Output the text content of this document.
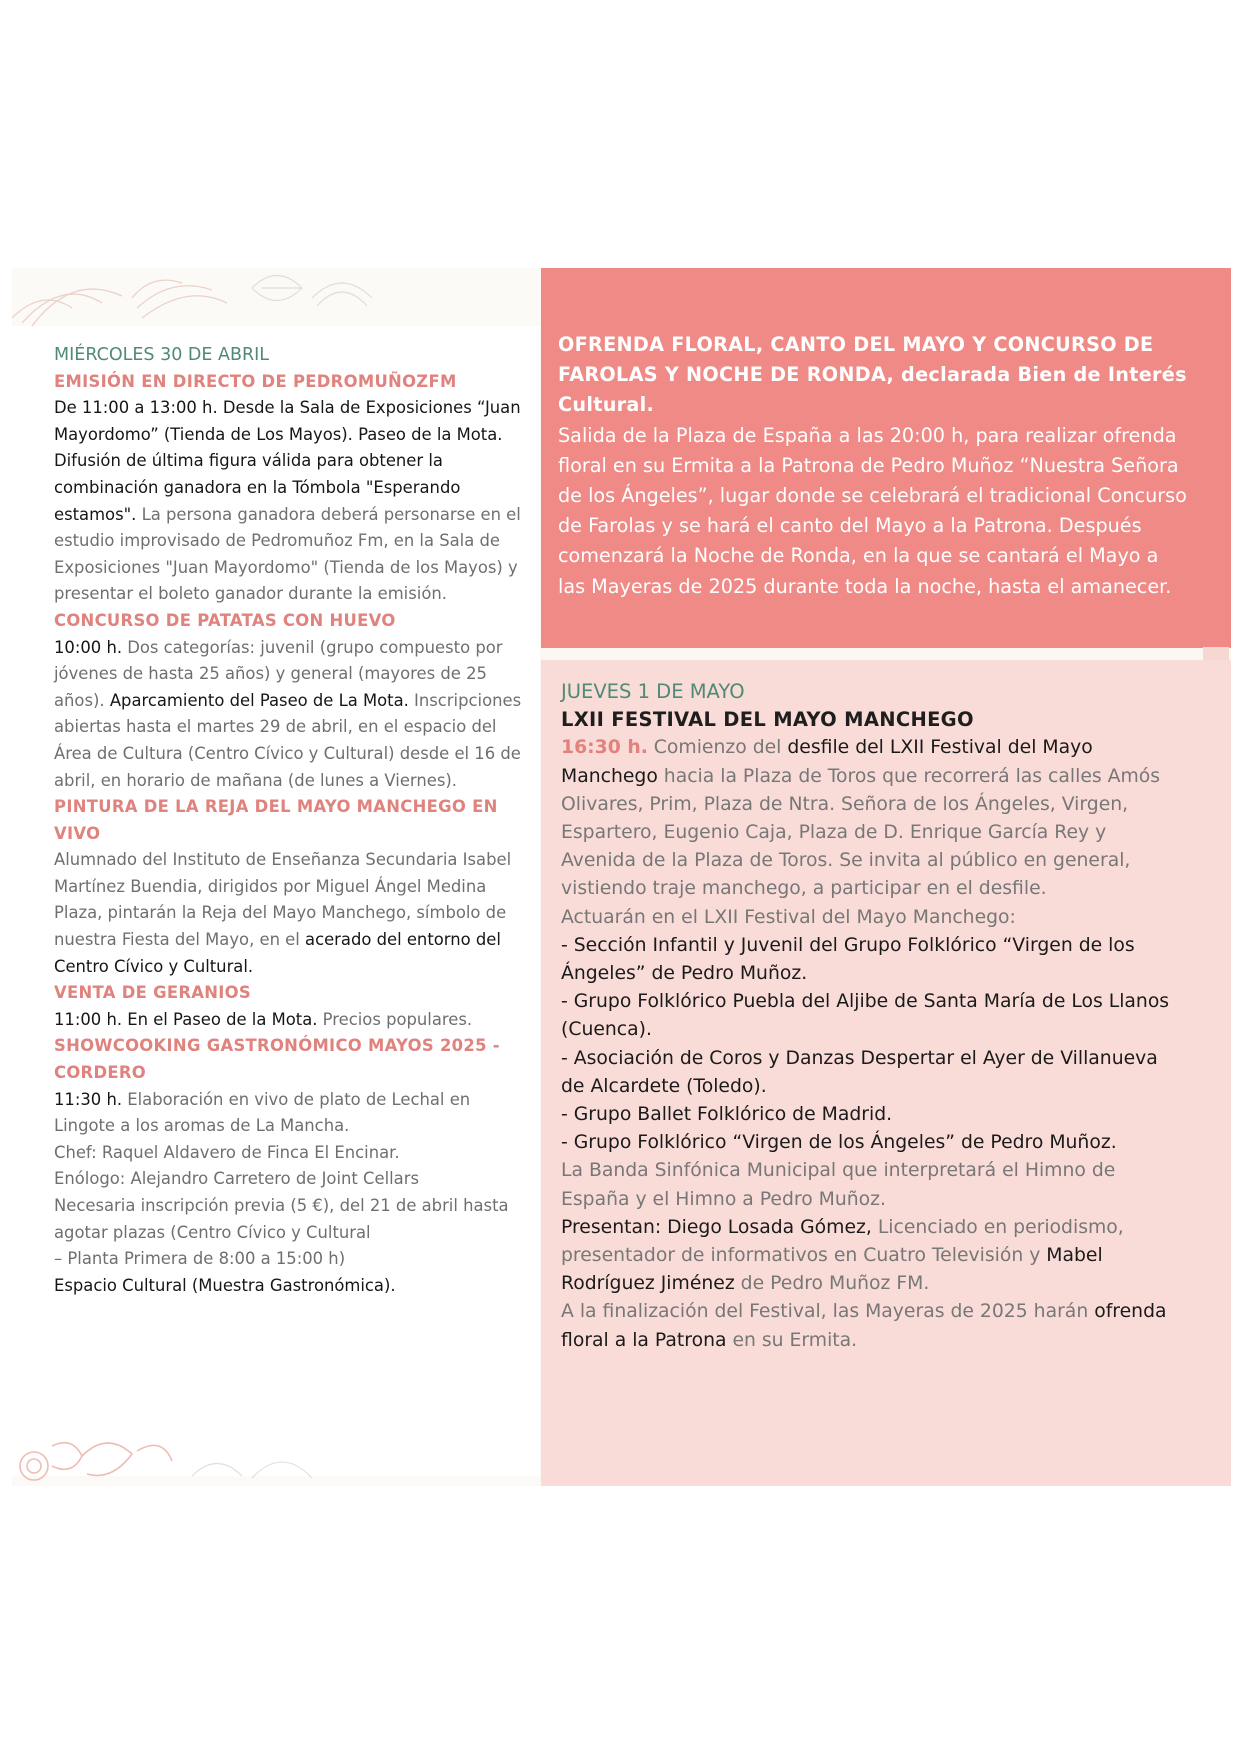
MIÉRCOLES 30 DE ABRIL

EMISIÓN EN DIRECTO DE PEDROMUÑOZFM

De 11:00 a 13:00 h. Desde la Sala de Exposiciones “Juan Mayordomo” (Tienda de Los Mayos). Paseo de la Mota.

Difusión de última figura válida para obtener la combinación ganadora en la Tómbola "Esperando estamos". La persona ganadora deberá personarse en el estudio improvisado de Pedromuñoz Fm, en la Sala de Exposiciones "Juan Mayordomo" (Tienda de los Mayos) y presentar el boleto ganador durante la emisión.

CONCURSO DE PATATAS CON HUEVO

10:00 h. Dos categorías: juvenil (grupo compuesto por jóvenes de hasta 25 años) y general (mayores de 25 años). Aparcamiento del Paseo de La Mota. Inscripciones abiertas hasta el martes 29 de abril, en el espacio del Área de Cultura (Centro Cívico y Cultural) desde el 16 de abril, en horario de mañana (de lunes a Viernes).

PINTURA DE LA REJA DEL MAYO MANCHEGO EN VIVO

Alumnado del Instituto de Enseñanza Secundaria Isabel Martínez Buendia, dirigidos por Miguel Ángel Medina Plaza, pintarán la Reja del Mayo Manchego, símbolo de nuestra Fiesta del Mayo, en el acerado del entorno del Centro Cívico y Cultural.

VENTA DE GERANIOS

11:00 h. En el Paseo de la Mota. Precios populares.

SHOWCOOKING GASTRONÓMICO MAYOS 2025 - CORDERO

11:30 h. Elaboración en vivo de plato de Lechal en Lingote a los aromas de La Mancha.

Chef: Raquel Aldavero de Finca El Encinar.

Enólogo: Alejandro Carretero de Joint Cellars

Necesaria inscripción previa (5 €), del 21 de abril hasta agotar plazas (Centro Cívico y Cultural

– Planta Primera de 8:00 a 15:00 h)

Espacio Cultural (Muestra Gastronómica).

OFRENDA FLORAL, CANTO DEL MAYO Y CONCURSO DE FAROLAS Y NOCHE DE RONDA, declarada Bien de Interés Cultural.

Salida de la Plaza de España a las 20:00 h, para realizar ofrenda floral en su Ermita a la Patrona de Pedro Muñoz “Nuestra Señora de los Ángeles”, lugar donde se celebrará el tradicional Concurso de Farolas y se hará el canto del Mayo a la Patrona. Después comenzará la Noche de Ronda, en la que se cantará el Mayo a las Mayeras de 2025 durante toda la noche, hasta el amanecer.

JUEVES 1 DE MAYO

LXII FESTIVAL DEL MAYO MANCHEGO

16:30 h. Comienzo del desfile del LXII Festival del Mayo Manchego hacia la Plaza de Toros que recorrerá las calles Amós Olivares, Prim, Plaza de Ntra. Señora de los Ángeles, Virgen, Espartero, Eugenio Caja, Plaza de D. Enrique García Rey y Avenida de la Plaza de Toros. Se invita al público en general, vistiendo traje manchego, a participar en el desfile.

Actuarán en el LXII Festival del Mayo Manchego:

- Sección Infantil y Juvenil del Grupo Folklórico “Virgen de los Ángeles” de Pedro Muñoz.

- Grupo Folklórico Puebla del Aljibe de Santa María de Los Llanos (Cuenca).

- Asociación de Coros y Danzas Despertar el Ayer de Villanueva de Alcardete (Toledo).

- Grupo Ballet Folklórico de Madrid.

- Grupo Folklórico “Virgen de los Ángeles” de Pedro Muñoz.

La Banda Sinfónica Municipal que interpretará el Himno de España y el Himno a Pedro Muñoz.

Presentan: Diego Losada Gómez, Licenciado en periodismo, presentador de informativos en Cuatro Televisión y Mabel Rodríguez Jiménez de Pedro Muñoz FM.

A la finalización del Festival, las Mayeras de 2025 harán ofrenda floral a la Patrona en su Ermita.
